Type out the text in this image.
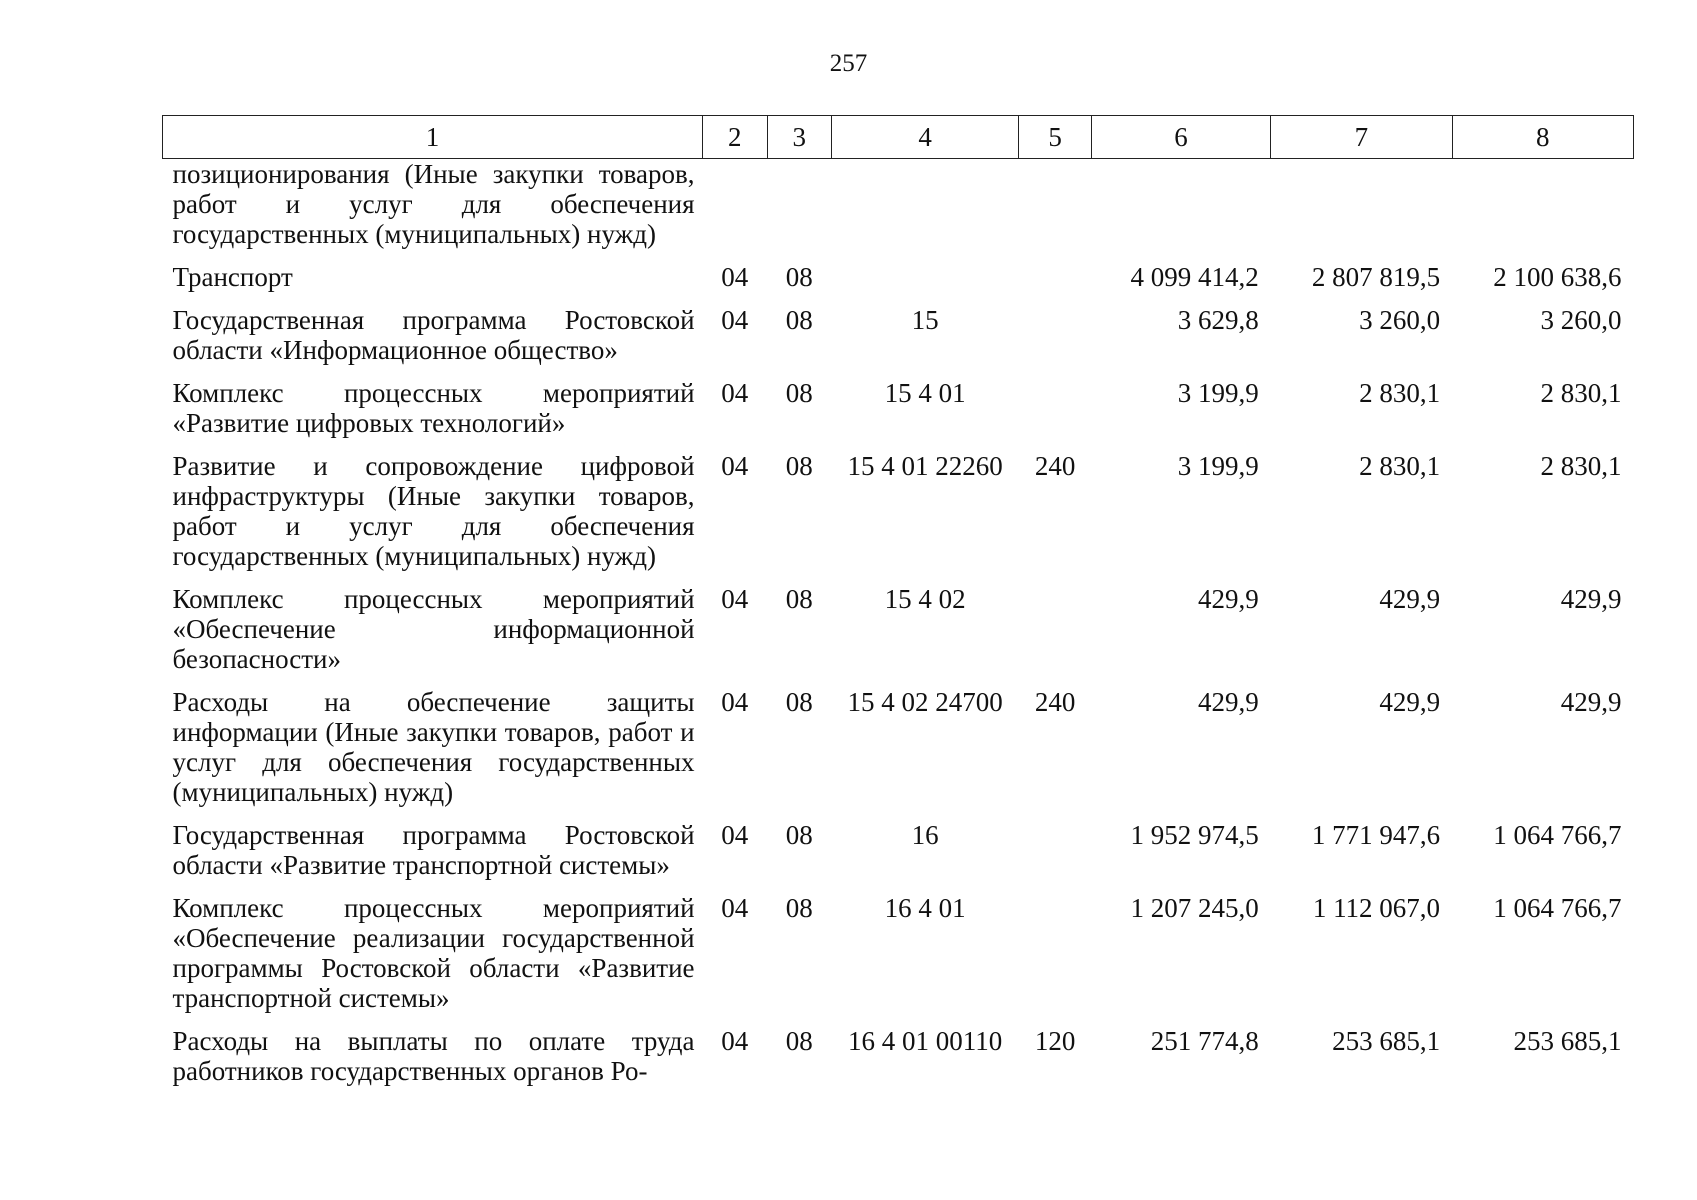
257
1	2	3	4	5	6	7	8
позиционирования (Иные закупки товаров, работ и услуг для обеспечения государственных (муниципальных) нужд)							
Транспорт	04	08			4 099 414,2	2 807 819,5	2 100 638,6
Государственная программа Ростовской области «Информационное общество»	04	08	15		3 629,8	3 260,0	3 260,0
Комплекс процессных мероприятий «Развитие цифровых технологий»	04	08	15 4 01		3 199,9	2 830,1	2 830,1
Развитие и сопровождение цифровой инфраструктуры (Иные закупки товаров, работ и услуг для обеспечения государственных (муниципальных) нужд)	04	08	15 4 01 22260	240	3 199,9	2 830,1	2 830,1
Комплекс процессных мероприятий «Обеспечение информационной безопасности»	04	08	15 4 02		429,9	429,9	429,9
Расходы на обеспечение защиты информации (Иные закупки товаров, работ и услуг для обеспечения государственных (муниципальных) нужд)	04	08	15 4 02 24700	240	429,9	429,9	429,9
Государственная программа Ростовской области «Развитие транспортной системы»	04	08	16		1 952 974,5	1 771 947,6	1 064 766,7
Комплекс процессных мероприятий «Обеспечение реализации государственной программы Ростовской области «Развитие транспортной системы»	04	08	16 4 01		1 207 245,0	1 112 067,0	1 064 766,7
Расходы на выплаты по оплате труда работников государственных органов Ро-	04	08	16 4 01 00110	120	251 774,8	253 685,1	253 685,1
